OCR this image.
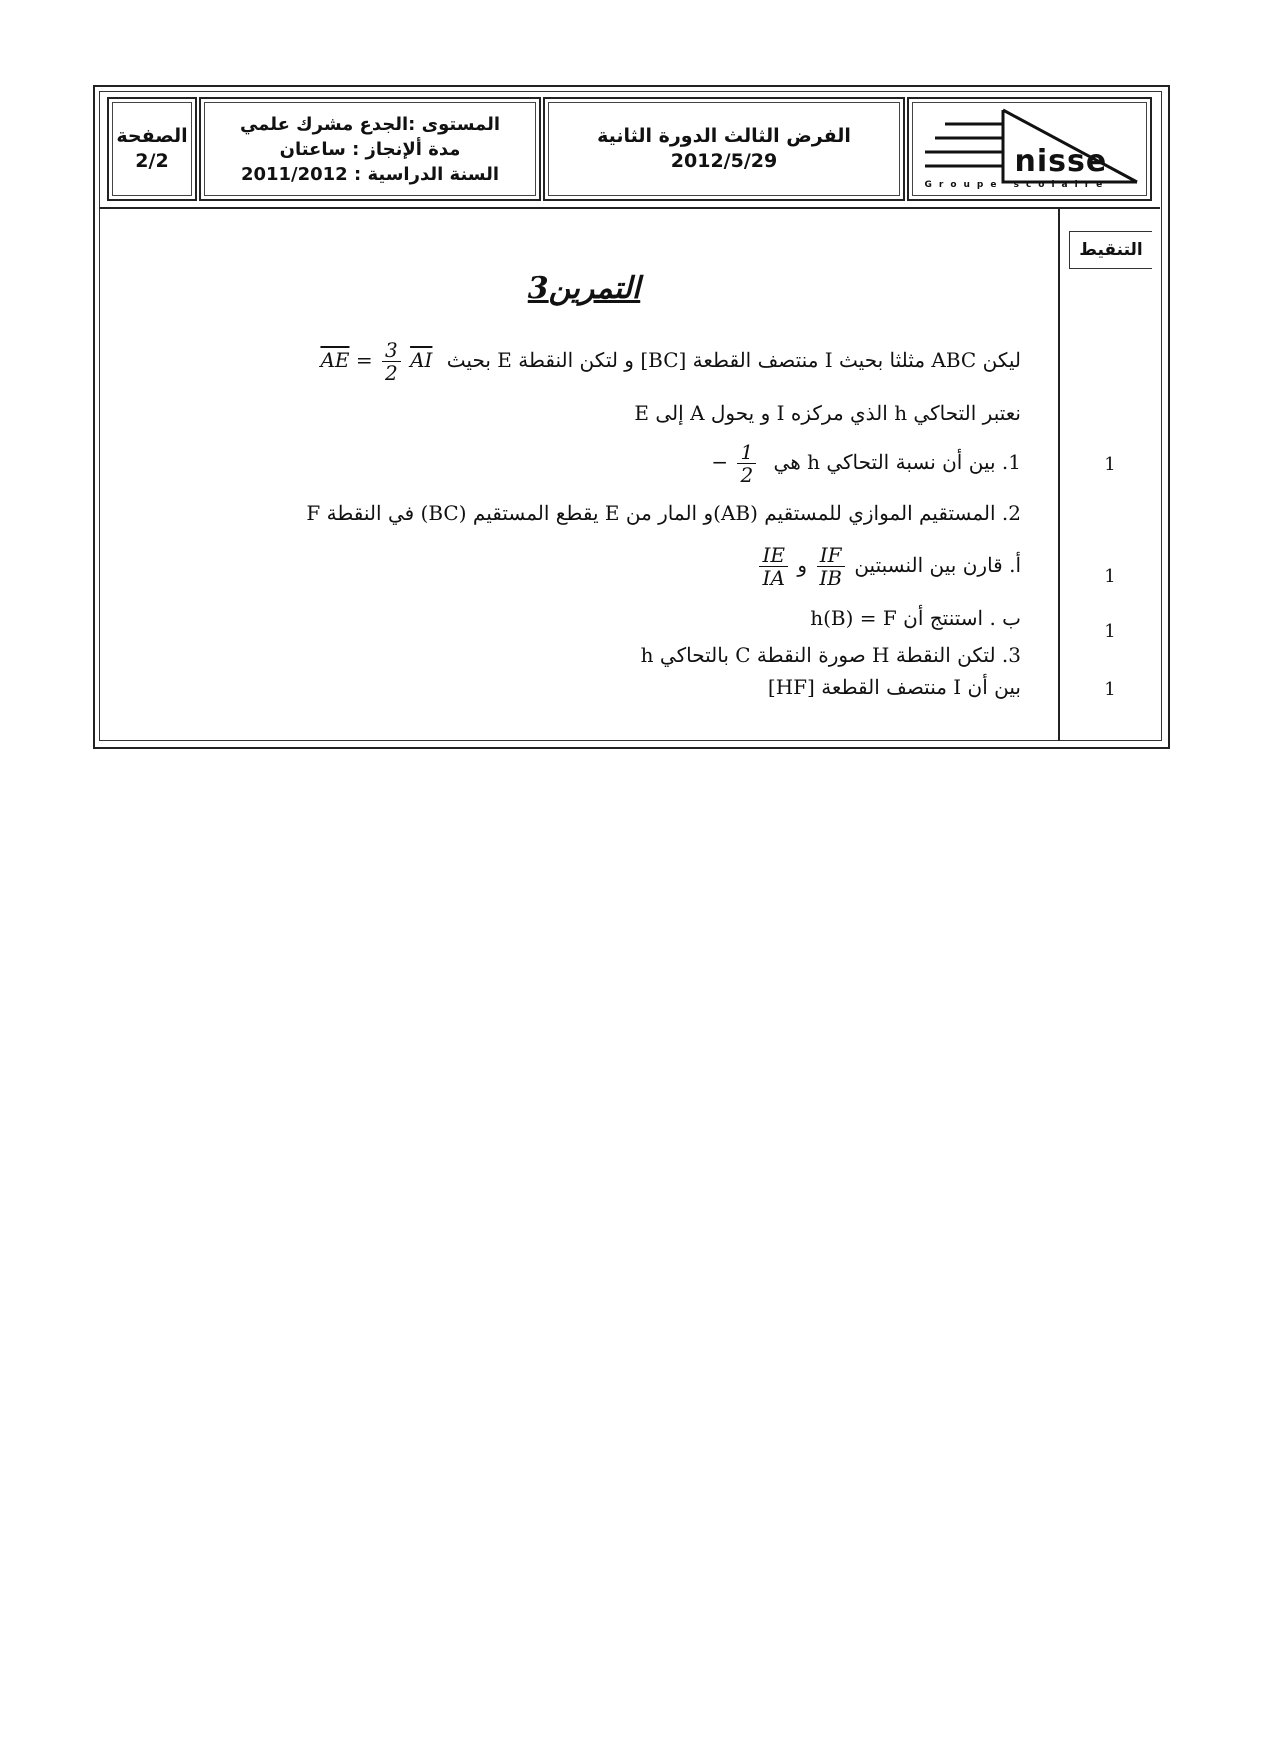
الصفحة
2/2
المستوى :الجدع مشرك علمي
مدة ألإنجاز : ساعتان
السنة الدراسية : 2011/2012
الفرض الثالث الدورة الثانية
2012/5/29	nisse
Groupe scolaire
التنقيط
1
1
1
1
التمرين3
ليكن ABC مثلثا بحيث I منتصف القطعة [BC] و لتكن النقطة E بحيث $\overline{AE} = \frac{3}{2} \overline{AI}$
نعتبر التحاكي h الذي مركزه I و يحول A إلى E
1. بين أن نسبة التحاكي h هي − $\frac{1}{2}$
2. المستقيم الموازي للمستقيم (AB)و المار من E يقطع المستقيم (BC) في النقطة F
أ. قارن بين النسبتين
$\frac{IF}{IB}$
و
$\frac{IE}{IA}$
ب . استنتج أن h(B) = F
3. لتكن النقطة H صورة النقطة C بالتحاكي h
بين أن I منتصف القطعة [HF]
